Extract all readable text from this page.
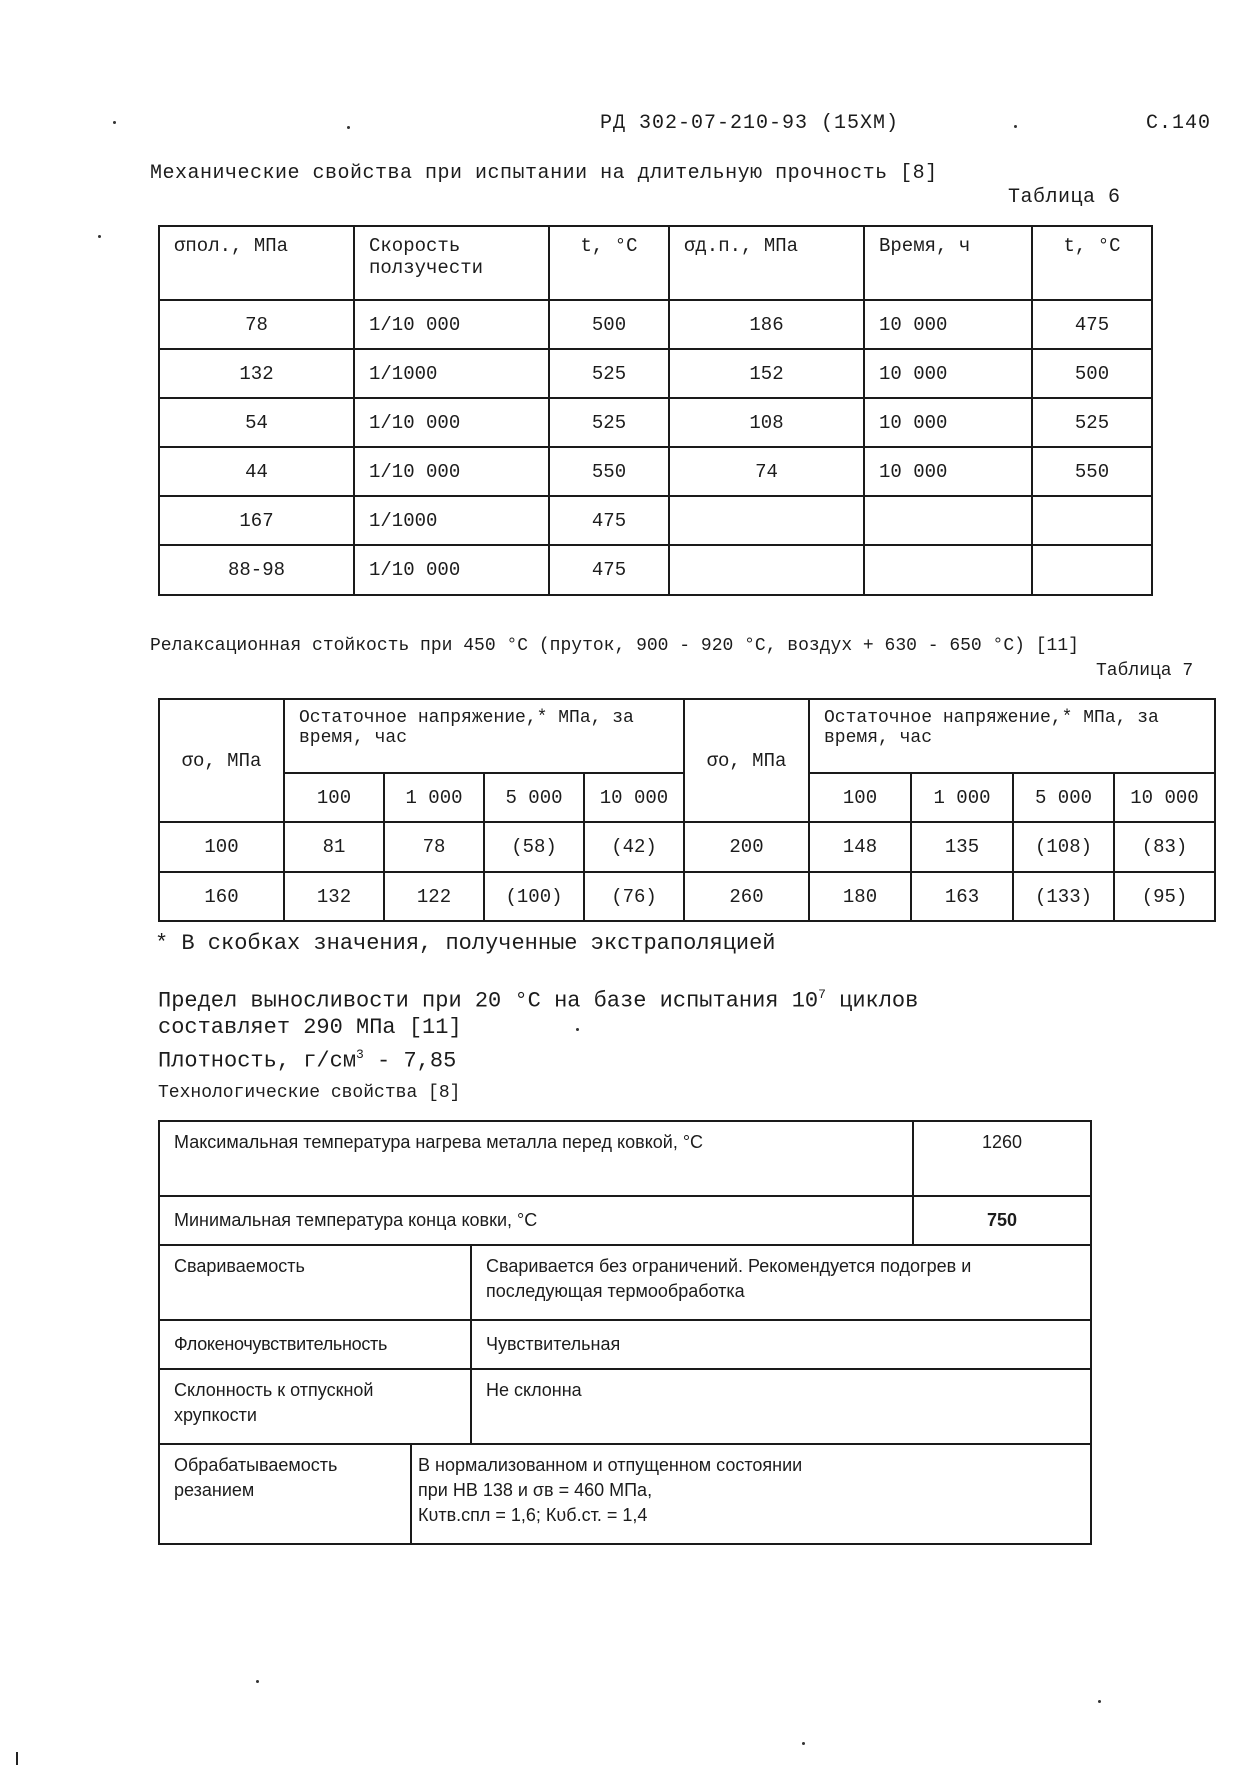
РД 302-07-210-93 (15ХМ)	С.140
Механические свойства при испытании на длительную прочность [8]
Таблица 6
σпол., МПа	Скорость ползучести	t, °С	σд.п., МПа	Время, ч	t, °С
78	1/10 000	500	186	10 000	475
132	1/1000	525	152	10 000	500
54	1/10 000	525	108	10 000	525
44	1/10 000	550	74	10 000	550
167	1/1000	475			
88-98	1/10 000	475			
Релаксационная стойкость при 450 °С (пруток, 900 - 920 °С, воздух + 630 - 650 °С) [11]
Таблица 7
σо, МПа	Остаточное напряжение,* МПа, за время, час				σо, МПа	Остаточное напряжение,* МПа, за время, час			
	100	1 000	5 000	10 000		100	1 000	5 000	10 000
100	81	78	(58)	(42)	200	148	135	(108)	(83)
160	132	122	(100)	(76)	260	180	163	(133)	(95)
* В скобках значения, полученные экстраполяцией
Предел выносливости при 20 °С на базе испытания $10^7$ циклов
составляет 290 МПа [11]
Плотность, $г/см^3 - 7,85$
Технологические свойства [8]
Максимальная температура нагрева металла перед ковкой, °С			1260
Минимальная температура конца ковки, °С			750
Свариваемость		Сваривается без ограничений. Рекомендуется подогрев и последующая термообработка	
Флокеночувствительность		Чувствительная	
Склонность к отпускной хрупкости		Не склонна	
Обрабатываемость резанием	В нормализованном и отпущенном состоянии
при НВ 138 и σв = 460 МПа,
Кυтв.спл = 1,6; Кυб.ст. = 1,4		
